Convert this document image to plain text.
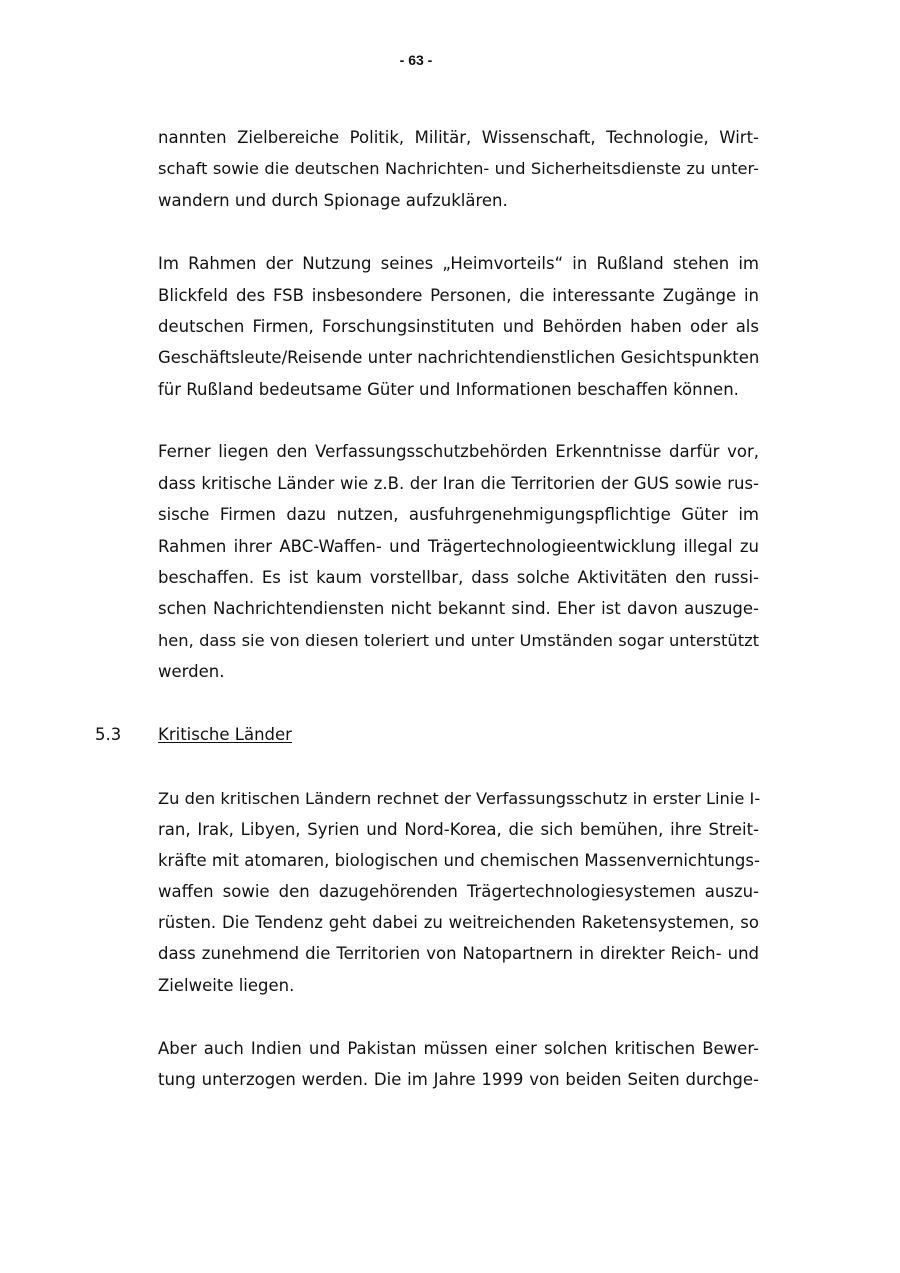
- 63 -
nannten Zielbereiche Politik, Militär, Wissenschaft, Technologie, Wirt-
schaft sowie die deutschen Nachrichten- und Sicherheitsdienste zu unter-
wandern und durch Spionage aufzuklären.
Im Rahmen der Nutzung seines „Heimvorteils“ in Rußland stehen im
Blickfeld des FSB insbesondere Personen, die interessante Zugänge in
deutschen Firmen, Forschungsinstituten und Behörden haben oder als
Geschäftsleute/Reisende unter nachrichtendienstlichen Gesichtspunkten
für Rußland bedeutsame Güter und Informationen beschaffen können.
Ferner liegen den Verfassungsschutzbehörden Erkenntnisse darfür vor,
dass kritische Länder wie z.B. der Iran die Territorien der GUS sowie rus-
sische Firmen dazu nutzen, ausfuhrgenehmigungspflichtige Güter im
Rahmen ihrer ABC-Waffen- und Trägertechnologieentwicklung illegal zu
beschaffen. Es ist kaum vorstellbar, dass solche Aktivitäten den russi-
schen Nachrichtendiensten nicht bekannt sind. Eher ist davon auszuge-
hen, dass sie von diesen toleriert und unter Umständen sogar unterstützt
werden.
5.3 Kritische Länder
Zu den kritischen Ländern rechnet der Verfassungsschutz in erster Linie I-
ran, Irak, Libyen, Syrien und Nord-Korea, die sich bemühen, ihre Streit-
kräfte mit atomaren, biologischen und chemischen Massenvernichtungs-
waffen sowie den dazugehörenden Trägertechnologiesystemen auszu-
rüsten. Die Tendenz geht dabei zu weitreichenden Raketensystemen, so
dass zunehmend die Territorien von Natopartnern in direkter Reich- und
Zielweite liegen.
Aber auch Indien und Pakistan müssen einer solchen kritischen Bewer-
tung unterzogen werden. Die im Jahre 1999 von beiden Seiten durchge-
